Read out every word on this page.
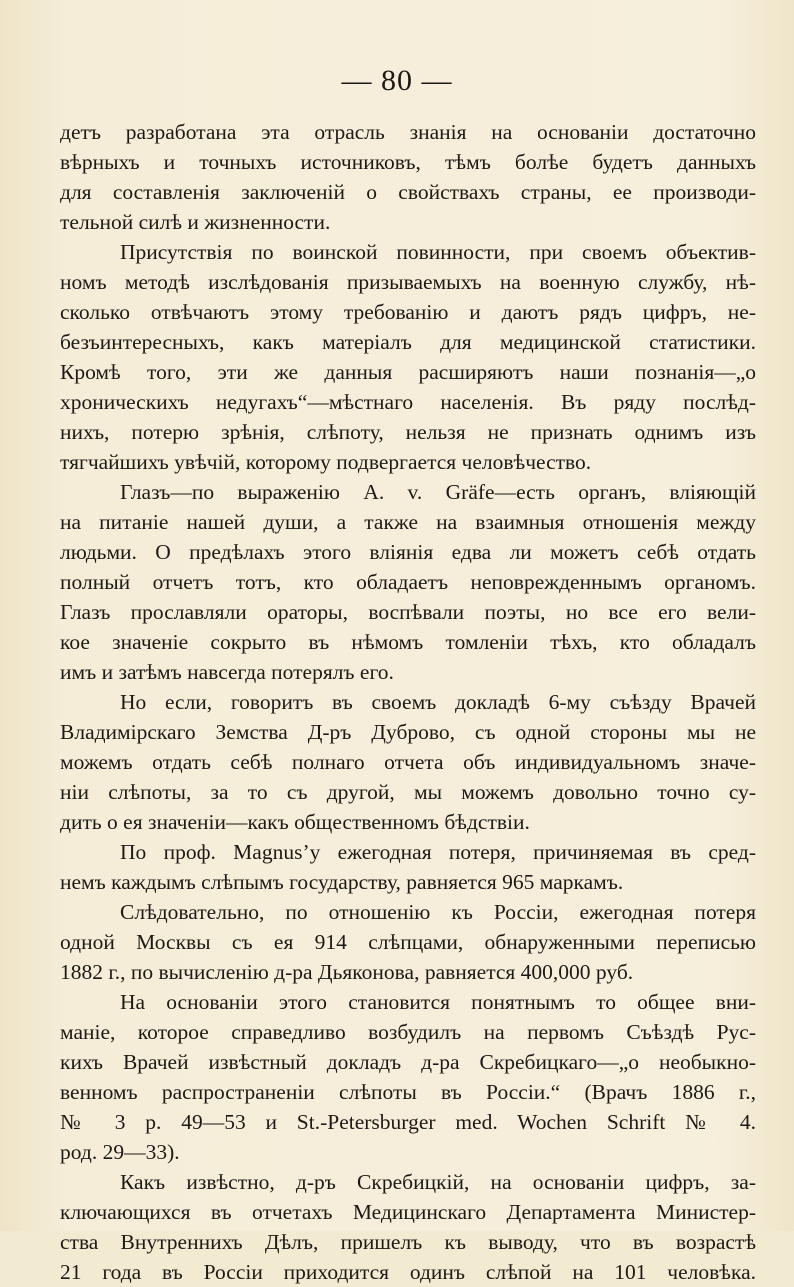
— 80 —
детъ разработана эта отрасль знанія на основаніи достаточно
вѣрныхъ и точныхъ источниковъ, тѣмъ болѣе будетъ данныхъ
для составленія заключеній о свойствахъ страны, ее производи-
тельной силѣ и жизненности.
Присутствія по воинской повинности, при своемъ объектив-
номъ методѣ изслѣдованія призываемыхъ на военную службу, нѣ-
сколько отвѣчаютъ этому требованію и даютъ рядъ цифръ, не-
безъинтересныхъ, какъ матеріалъ для медицинской статистики.
Кромѣ того, эти же данныя расширяютъ наши познанія—„о
хроническихъ недугахъ“—мѣстнаго населенія. Въ ряду послѣд-
нихъ, потерю зрѣнія, слѣпоту, нельзя не признать однимъ изъ
тягчайшихъ увѣчій, которому подвергается человѣчество.
Глазъ—по выраженію А. v. Gräfe—есть органъ, вліяющій
на питаніе нашей души, а также на взаимныя отношенія между
людьми. О предѣлахъ этого вліянія едва ли можетъ себѣ отдать
полный отчетъ тотъ, кто обладаетъ неповрежденнымъ органомъ.
Глазъ прославляли ораторы, воспѣвали поэты, но все его вели-
кое значеніе сокрыто въ нѣмомъ томленіи тѣхъ, кто обладалъ
имъ и затѣмъ навсегда потерялъ его.
Но если, говоритъ въ своемъ докладѣ 6-му съѣзду Врачей
Владимірскаго Земства Д-ръ Дуброво, съ одной стороны мы не
можемъ отдать себѣ полнаго отчета объ индивидуальномъ значе-
ніи слѣпоты, за то съ другой, мы можемъ довольно точно су-
дить о ея значеніи—какъ общественномъ бѣдствіи.
По проф. Magnus’у ежегодная потеря, причиняемая въ сред-
немъ каждымъ слѣпымъ государству, равняется 965 маркамъ.
Слѣдовательно, по отношенію къ Россіи, ежегодная потеря
одной Москвы съ ея 914 слѣпцами, обнаруженными переписью
1882 г., по вычисленію д-ра Дьяконова, равняется 400,000 руб.
На основаніи этого становится понятнымъ то общее вни-
маніе, которое справедливо возбудилъ на первомъ Съѣздѣ Рус-
кихъ Врачей извѣстный докладъ д-ра Скребицкаго—„о необыкно-
венномъ распространеніи слѣпоты въ Россіи.“ (Врачъ 1886 г.,
№ 3 р. 49—53 и St.-Petersburger med. Wochen Schrift № 4.
род. 29—33).
Какъ извѣстно, д-ръ Скребицкій, на основаніи цифръ, за-
ключающихся въ отчетахъ Медицинскаго Департамента Министер-
ства Внутреннихъ Дѣлъ, пришелъ къ выводу, что въ возрастѣ
21 года въ Россіи приходится одинъ слѣпой на 101 человѣка.
